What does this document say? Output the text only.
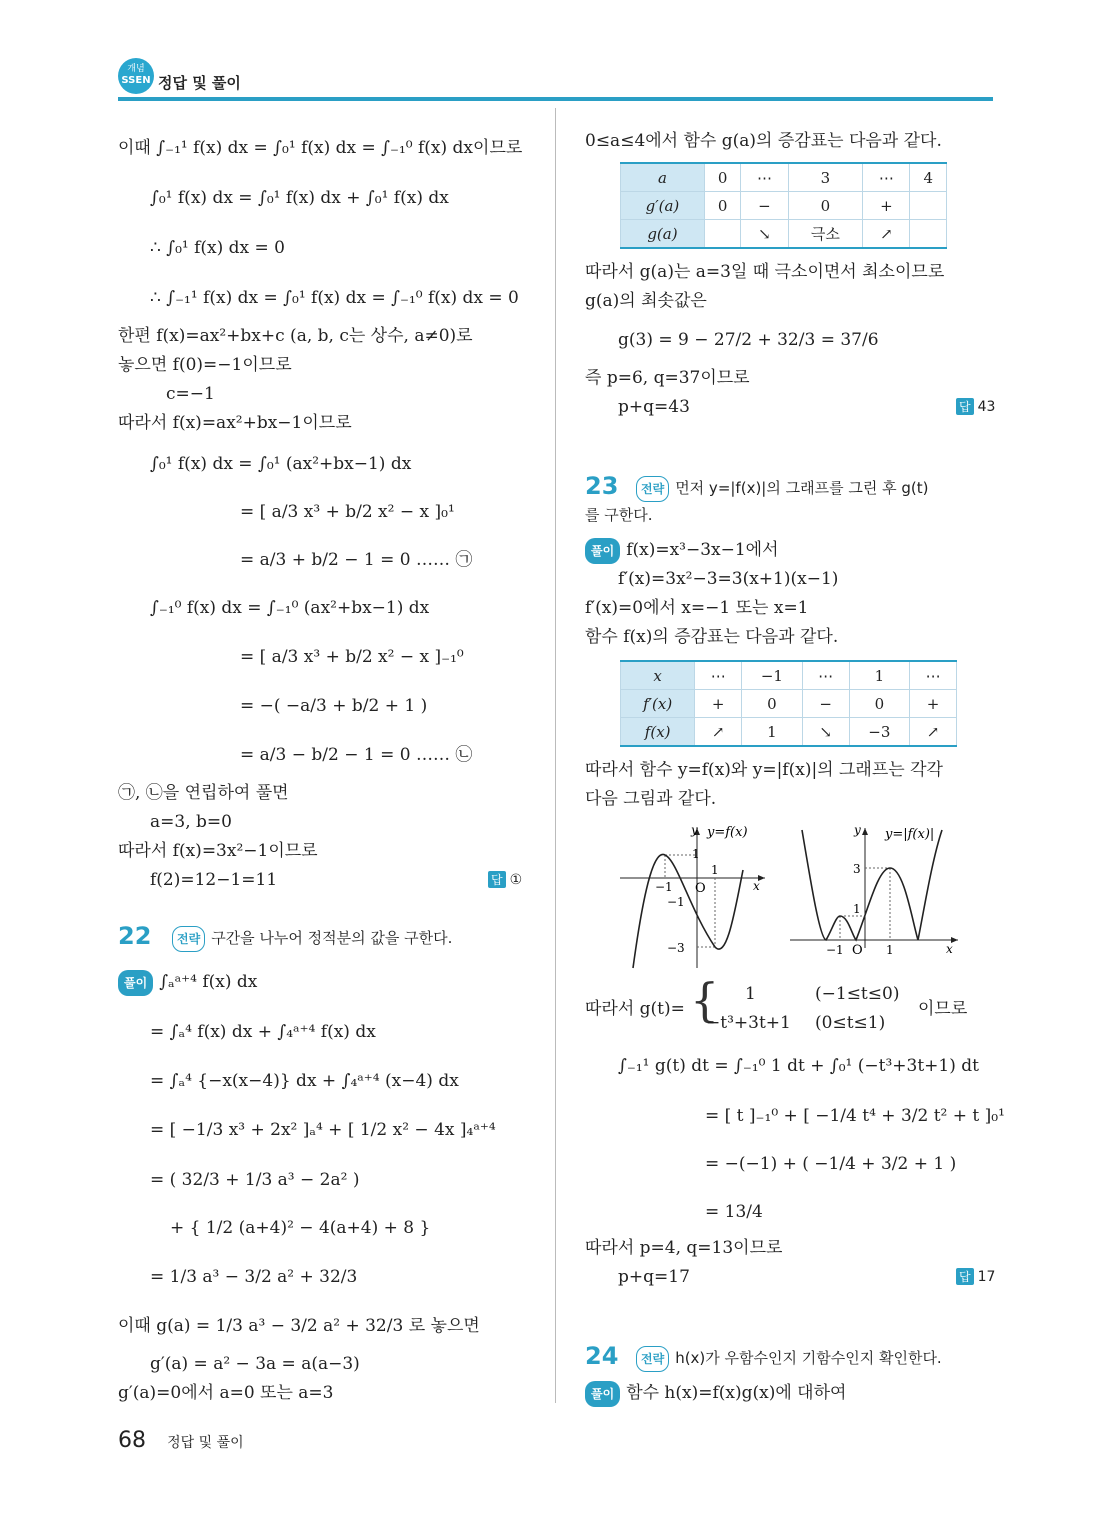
개념
SSEN 정답 및 풀이
이때 ∫₋₁¹ f(x) dx = ∫₀¹ f(x) dx = ∫₋₁⁰ f(x) dx이므로
∫₀¹ f(x) dx = ∫₀¹ f(x) dx + ∫₀¹ f(x) dx
∴ ∫₀¹ f(x) dx = 0
∴ ∫₋₁¹ f(x) dx = ∫₀¹ f(x) dx = ∫₋₁⁰ f(x) dx = 0
한편 f(x)=ax²+bx+c (a, b, c는 상수, a≠0)로
놓으면 f(0)=−1이므로
c=−1
따라서 f(x)=ax²+bx−1이므로
∫₀¹ f(x) dx = ∫₀¹ (ax²+bx−1) dx
= [ a/3 x³ + b/2 x² − x ]₀¹
= a/3 + b/2 − 1 = 0 …… ㉠
∫₋₁⁰ f(x) dx = ∫₋₁⁰ (ax²+bx−1) dx
= [ a/3 x³ + b/2 x² − x ]₋₁⁰
= −( −a/3 + b/2 + 1 )
= a/3 − b/2 − 1 = 0 …… ㉡
㉠, ㉡을 연립하여 풀면
a=3, b=0
따라서 f(x)=3x²−1이므로
f(2)=12−1=11	답 ①
22	전략 구간을 나누어 정적분의 값을 구한다.
풀이 ∫ₐᵃ⁺⁴ f(x) dx
= ∫ₐ⁴ f(x) dx + ∫₄ᵃ⁺⁴ f(x) dx
= ∫ₐ⁴ {−x(x−4)} dx + ∫₄ᵃ⁺⁴ (x−4) dx
= [ −1/3 x³ + 2x² ]ₐ⁴ + [ 1/2 x² − 4x ]₄ᵃ⁺⁴
= ( 32/3 + 1/3 a³ − 2a² )
+ { 1/2 (a+4)² − 4(a+4) + 8 }
= 1/3 a³ − 3/2 a² + 32/3
이때 g(a) = 1/3 a³ − 3/2 a² + 32/3 로 놓으면
g′(a) = a² − 3a = a(a−3)
g′(a)=0에서 a=0 또는 a=3
0≤a≤4에서 함수 g(a)의 증감표는 다음과 같다.
a	0	⋯	3	⋯	4
g′(a)	0	−	0	+	
g(a)		↘	극소	↗	
따라서 g(a)는 a=3일 때 극소이면서 최소이므로
g(a)의 최솟값은
g(3) = 9 − 27/2 + 32/3 = 37/6
즉 p=6, q=37이므로
p+q=43	답 43
23	전략 먼저 y=|f(x)|의 그래프를 그린 후 g(t)
를 구한다.
풀이 f(x)=x³−3x−1에서
f′(x)=3x²−3=3(x+1)(x−1)
f′(x)=0에서 x=−1 또는 x=1
함수 f(x)의 증감표는 다음과 같다.
x	⋯	−1	⋯	1	⋯
f′(x)	+	0	−	0	+
f(x)	↗	1	↘	−3	↗
따라서 함수 y=f(x)와 y=|f(x)|의 그래프는 각각
다음 그림과 같다.
y y=f(x)
x
O
1
1
−1
−1
−3
y y=|f(x)|
x
O
3
1
−1	1
따라서 g(t)= { 1	(−1≤t≤0)
−t³+3t+1 (0≤t≤1)
이므로
∫₋₁¹ g(t) dt = ∫₋₁⁰ 1 dt + ∫₀¹ (−t³+3t+1) dt
= [ t ]₋₁⁰ + [ −1/4 t⁴ + 3/2 t² + t ]₀¹
= −(−1) + ( −1/4 + 3/2 + 1 )
= 13/4
따라서 p=4, q=13이므로
p+q=17	답 17
24	전략 h(x)가 우함수인지 기함수인지 확인한다.
풀이 함수 h(x)=f(x)g(x)에 대하여
68 정답 및 풀이
